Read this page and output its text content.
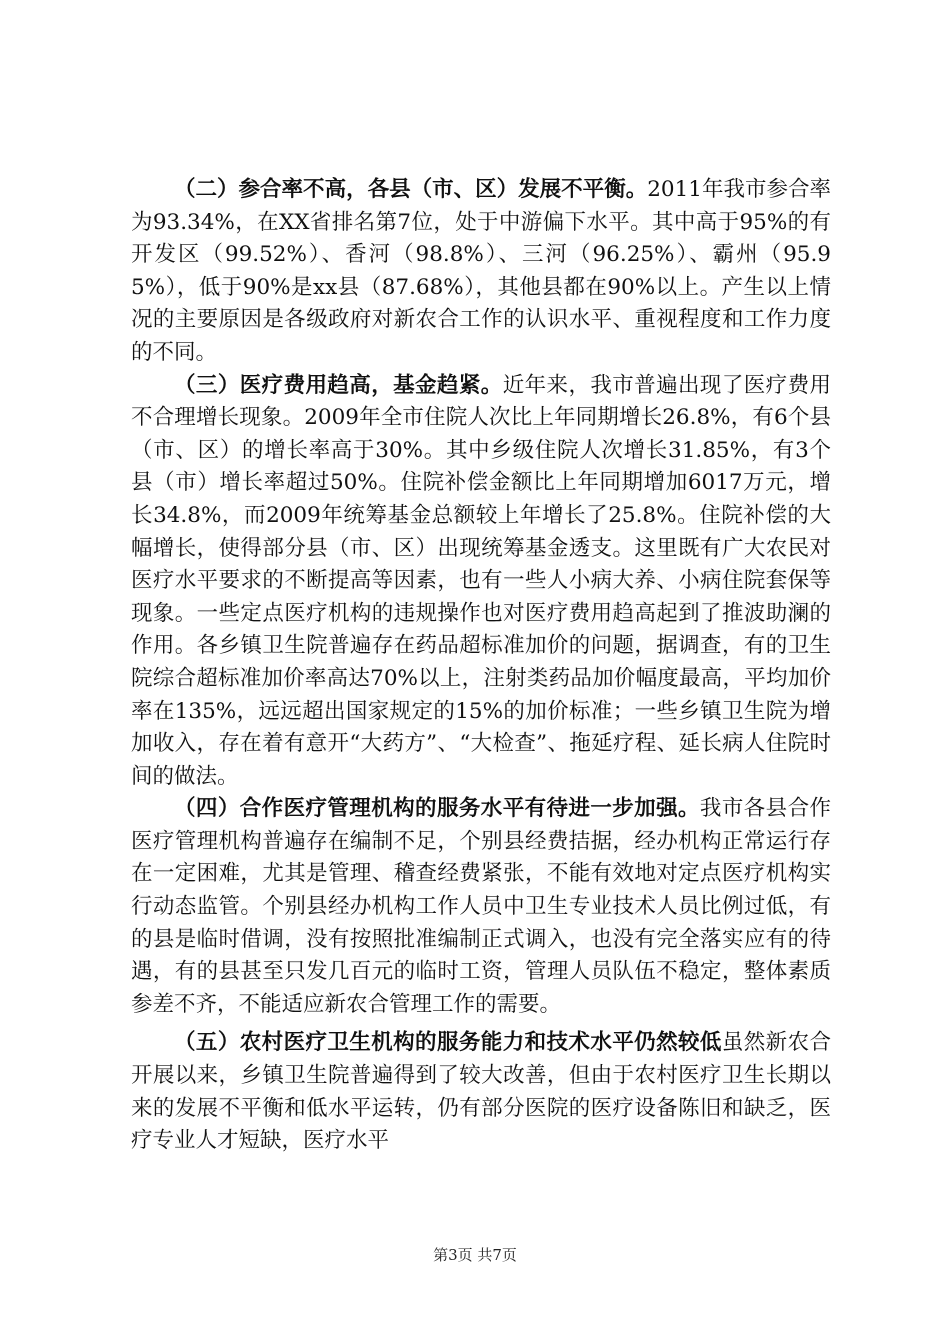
（二）参合率不高，各县（市、区）发展不平衡。2011年我市参合率为93.34%，在XX省排名第7位，处于中游偏下水平。其中高于95%的有开发区（99.52%）、香河（98.8%）、三河（96.25%）、霸州（95.95%），低于90%是xx县（87.68%），其他县都在90%以上。产生以上情况的主要原因是各级政府对新农合工作的认识水平、重视程度和工作力度的不同。

（三）医疗费用趋高，基金趋紧。近年来，我市普遍出现了医疗费用不合理增长现象。2009年全市住院人次比上年同期增长26.8%，有6个县（市、区）的增长率高于30%。其中乡级住院人次增长31.85%，有3个县（市）增长率超过50%。住院补偿金额比上年同期增加6017万元，增长34.8%，而2009年统筹基金总额较上年增长了25.8%。住院补偿的大幅增长，使得部分县（市、区）出现统筹基金透支。这里既有广大农民对医疗水平要求的不断提高等因素，也有一些人小病大养、小病住院套保等现象。一些定点医疗机构的违规操作也对医疗费用趋高起到了推波助澜的作用。各乡镇卫生院普遍存在药品超标准加价的问题，据调查，有的卫生院综合超标准加价率高达70%以上，注射类药品加价幅度最高，平均加价率在135%，远远超出国家规定的15%的加价标准；一些乡镇卫生院为增加收入，存在着有意开“大药方”、“大检查”、拖延疗程、延长病人住院时间的做法。

（四）合作医疗管理机构的服务水平有待进一步加强。我市各县合作医疗管理机构普遍存在编制不足，个别县经费拮据，经办机构正常运行存在一定困难，尤其是管理、稽查经费紧张，不能有效地对定点医疗机构实行动态监管。个别县经办机构工作人员中卫生专业技术人员比例过低，有的县是临时借调，没有按照批准编制正式调入，也没有完全落实应有的待遇，有的县甚至只发几百元的临时工资，管理人员队伍不稳定，整体素质参差不齐，不能适应新农合管理工作的需要。

（五）农村医疗卫生机构的服务能力和技术水平仍然较低虽然新农合开展以来，乡镇卫生院普遍得到了较大改善，但由于农村医疗卫生长期以来的发展不平衡和低水平运转，仍有部分医院的医疗设备陈旧和缺乏，医疗专业人才短缺，医疗水平

第3页 共7页
